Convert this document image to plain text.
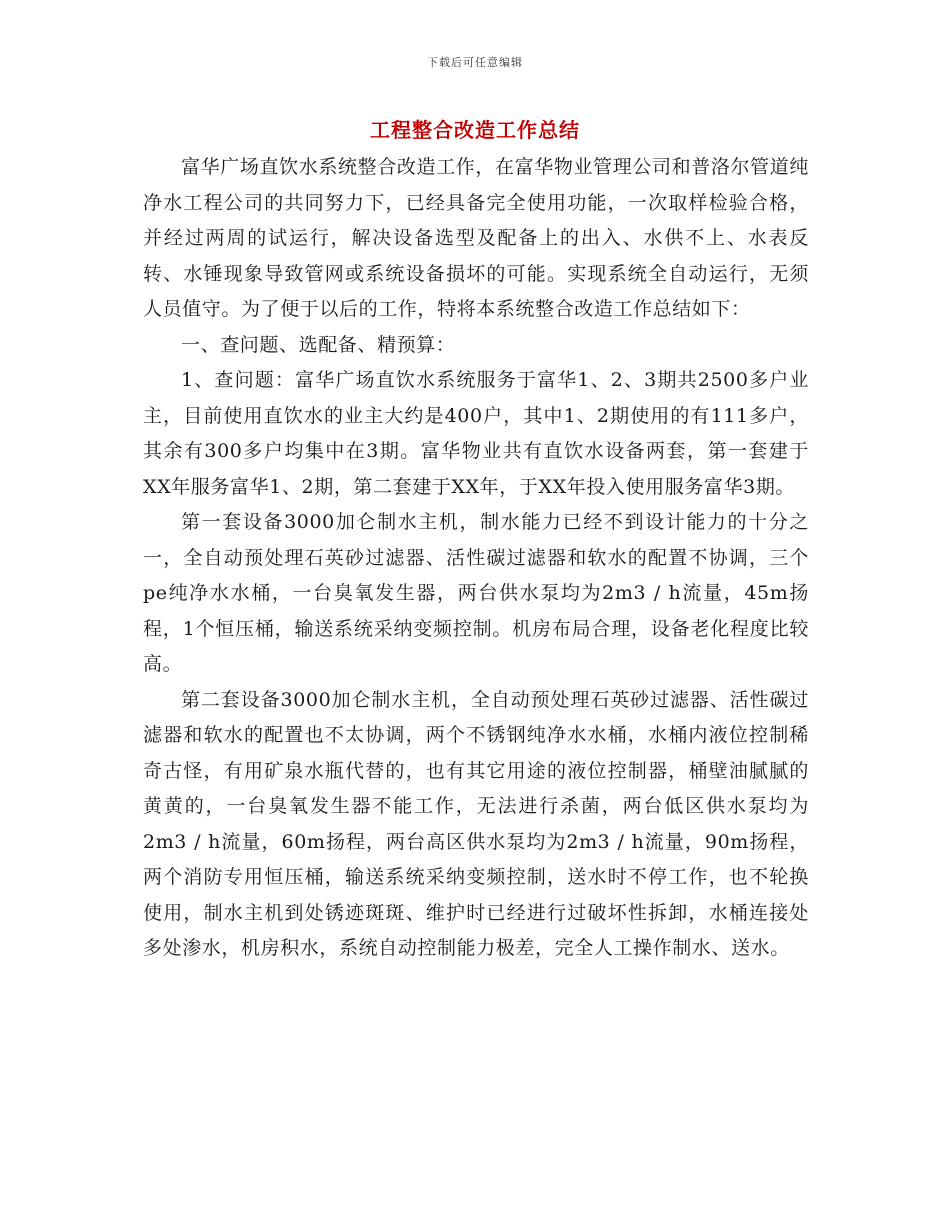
下载后可任意编辑
工程整合改造工作总结

富华广场直饮水系统整合改造工作，在富华物业管理公司和普洛尔管道纯净水工程公司的共同努力下，已经具备完全使用功能，一次取样检验合格，并经过两周的试运行，解决设备选型及配备上的出入、水供不上、水表反转、水锤现象导致管网或系统设备损坏的可能。实现系统全自动运行，无须人员值守。为了便于以后的工作，特将本系统整合改造工作总结如下：

一、查问题、选配备、精预算：

1、查问题：富华广场直饮水系统服务于富华1、2、3期共2500多户业主，目前使用直饮水的业主大约是400户，其中1、2期使用的有111多户，其余有300多户均集中在3期。富华物业共有直饮水设备两套，第一套建于XX年服务富华1、2期，第二套建于XX年，于XX年投入使用服务富华3期。

第一套设备3000加仑制水主机，制水能力已经不到设计能力的十分之一，全自动预处理石英砂过滤器、活性碳过滤器和软水的配置不协调，三个pe纯净水水桶，一台臭氧发生器，两台供水泵均为2m3 / h流量，45m扬程，1个恒压桶，输送系统采纳变频控制。机房布局合理，设备老化程度比较高。

第二套设备3000加仑制水主机，全自动预处理石英砂过滤器、活性碳过滤器和软水的配置也不太协调，两个不锈钢纯净水水桶，水桶内液位控制稀奇古怪，有用矿泉水瓶代替的，也有其它用途的液位控制器，桶壁油腻腻的黄黄的，一台臭氧发生器不能工作，无法进行杀菌，两台低区供水泵均为2m3 / h流量，60m扬程，两台高区供水泵均为2m3 / h流量，90m扬程，两个消防专用恒压桶，输送系统采纳变频控制，送水时不停工作，也不轮换使用，制水主机到处锈迹斑斑、维护时已经进行过破坏性拆卸，水桶连接处多处渗水，机房积水，系统自动控制能力极差，完全人工操作制水、送水。
